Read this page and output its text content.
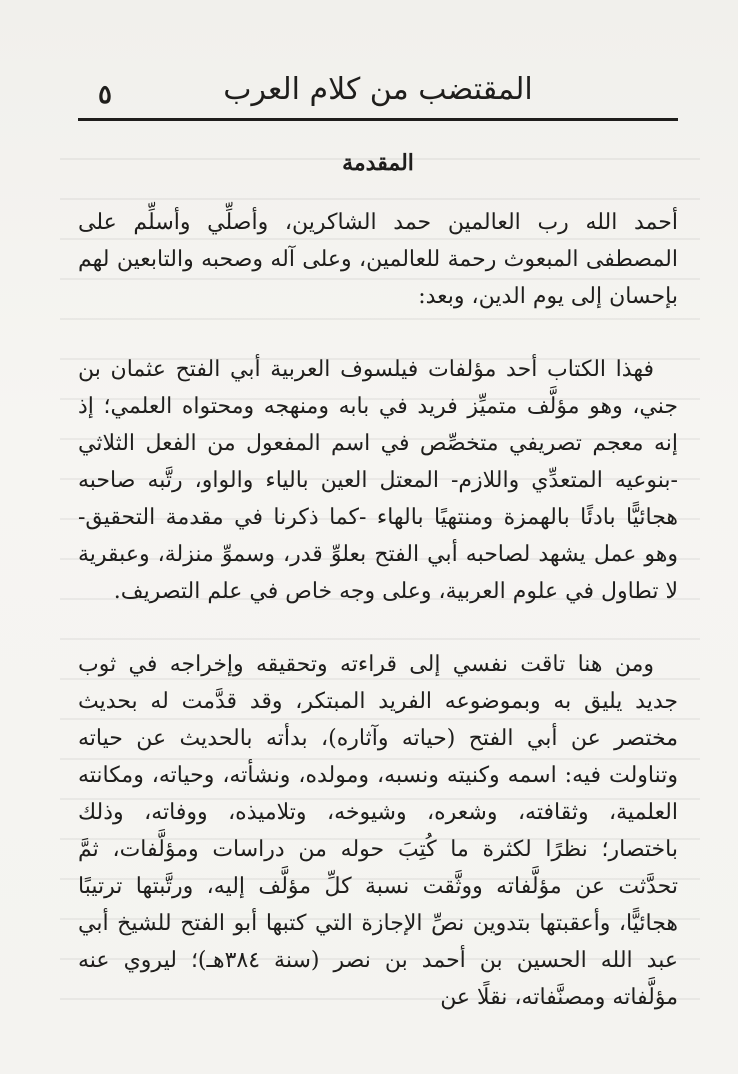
٥	المقتضب من كلام العرب
المقدمة

أحمد الله رب العالمين حمد الشاكرين، وأصلِّي وأسلِّم على المصطفى المبعوث رحمة للعالمين، وعلى آله وصحبه والتابعين لهم بإحسان إلى يوم الدين، وبعد:

فهذا الكتاب أحد مؤلفات فيلسوف العربية أبي الفتح عثمان بن جني، وهو مؤلَّف متميِّز فريد في بابه ومنهجه ومحتواه العلمي؛ إذ إنه معجم تصريفي متخصِّص في اسم المفعول من الفعل الثلاثي -بنوعيه المتعدِّي واللازم- المعتل العين بالياء والواو، رتَّبه صاحبه هجائيًّا بادئًا بالهمزة ومنتهيًا بالهاء -كما ذكرنا في مقدمة التحقيق- وهو عمل يشهد لصاحبه أبي الفتح بعلوِّ قدر، وسموِّ منزلة، وعبقرية لا تطاول في علوم العربية، وعلى وجه خاص في علم التصريف.

ومن هنا تاقت نفسي إلى قراءته وتحقيقه وإخراجه في ثوب جديد يليق به وبموضوعه الفريد المبتكر، وقد قدَّمت له بحديث مختصر عن أبي الفتح (حياته وآثاره)، بدأته بالحديث عن حياته وتناولت فيه: اسمه وكنيته ونسبه، ومولده، ونشأته، وحياته، ومكانته العلمية، وثقافته، وشعره، وشيوخه، وتلاميذه، ووفاته، وذلك باختصار؛ نظرًا لكثرة ما كُتِبَ حوله من دراسات ومؤلَّفات، ثمَّ تحدَّثت عن مؤلَّفاته ووثَّقت نسبة كلِّ مؤلَّف إليه، ورتَّبتها ترتيبًا هجائيًّا، وأعقبتها بتدوين نصِّ الإجازة التي كتبها أبو الفتح للشيخ أبي عبد الله الحسين بن أحمد بن نصر (سنة ٣٨٤هـ)؛ ليروي عنه مؤلَّفاته ومصنَّفاته، نقلًا عن
